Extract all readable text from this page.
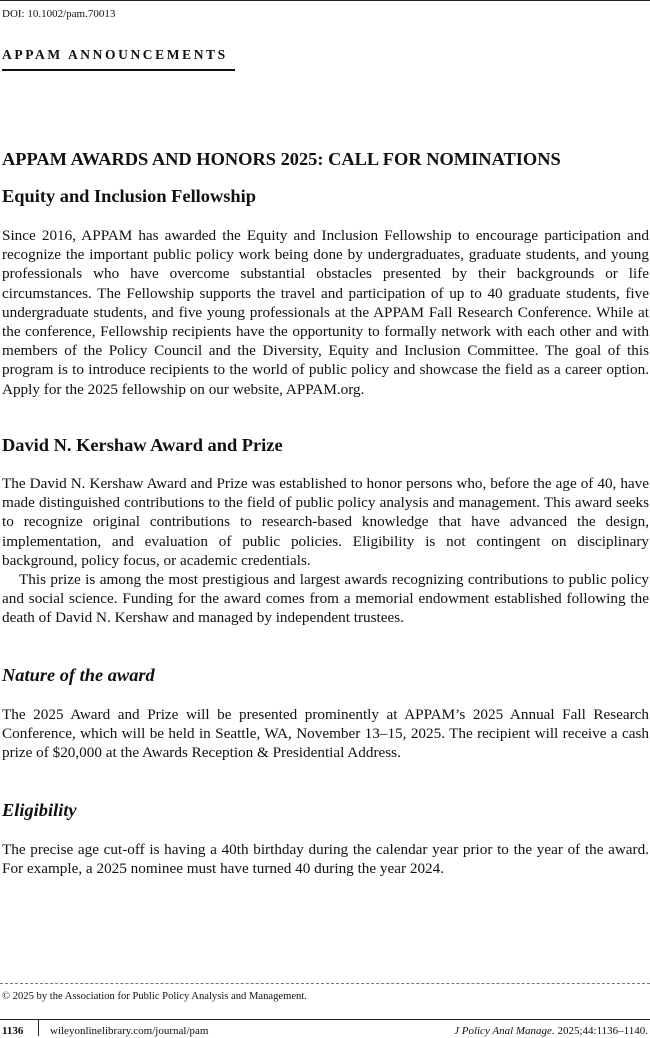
DOI: 10.1002/pam.70013
APPAM ANNOUNCEMENTS
APPAM AWARDS AND HONORS 2025: CALL FOR NOMINATIONS
Equity and Inclusion Fellowship

Since 2016, APPAM has awarded the Equity and Inclusion Fellowship to encourage participation and recognize the important public policy work being done by undergraduates, graduate students, and young professionals who have overcome substantial obstacles presented by their backgrounds or life circumstances. The Fellowship supports the travel and participation of up to 40 graduate students, five undergraduate students, and five young professionals at the APPAM Fall Research Conference. While at the conference, Fellowship recipients have the opportunity to formally network with each other and with members of the Policy Council and the Diversity, Equity and Inclusion Committee. The goal of this program is to introduce recipients to the world of public policy and showcase the field as a career option. Apply for the 2025 fellowship on our website, APPAM.org.

David N. Kershaw Award and Prize

The David N. Kershaw Award and Prize was established to honor persons who, before the age of 40, have made distinguished contributions to the field of public policy analysis and management. This award seeks to recognize original contributions to research-based knowledge that have advanced the design, implementation, and evaluation of public policies. Eligibility is not contingent on disciplinary background, policy focus, or academic credentials.

This prize is among the most prestigious and largest awards recognizing contributions to public policy and social science. Funding for the award comes from a memorial endowment established following the death of David N. Kershaw and managed by independent trustees.

Nature of the award

The 2025 Award and Prize will be presented prominently at APPAM’s 2025 Annual Fall Research Conference, which will be held in Seattle, WA, November 13–15, 2025. The recipient will receive a cash prize of $20,000 at the Awards Reception & Presidential Address.

Eligibility

The precise age cut-off is having a 40th birthday during the calendar year prior to the year of the award. For example, a 2025 nominee must have turned 40 during the year 2024.

© 2025 by the Association for Public Policy Analysis and Management.
1136 wileyonlinelibrary.com/journal/pam	J Policy Anal Manage. 2025;44:1136–1140.
